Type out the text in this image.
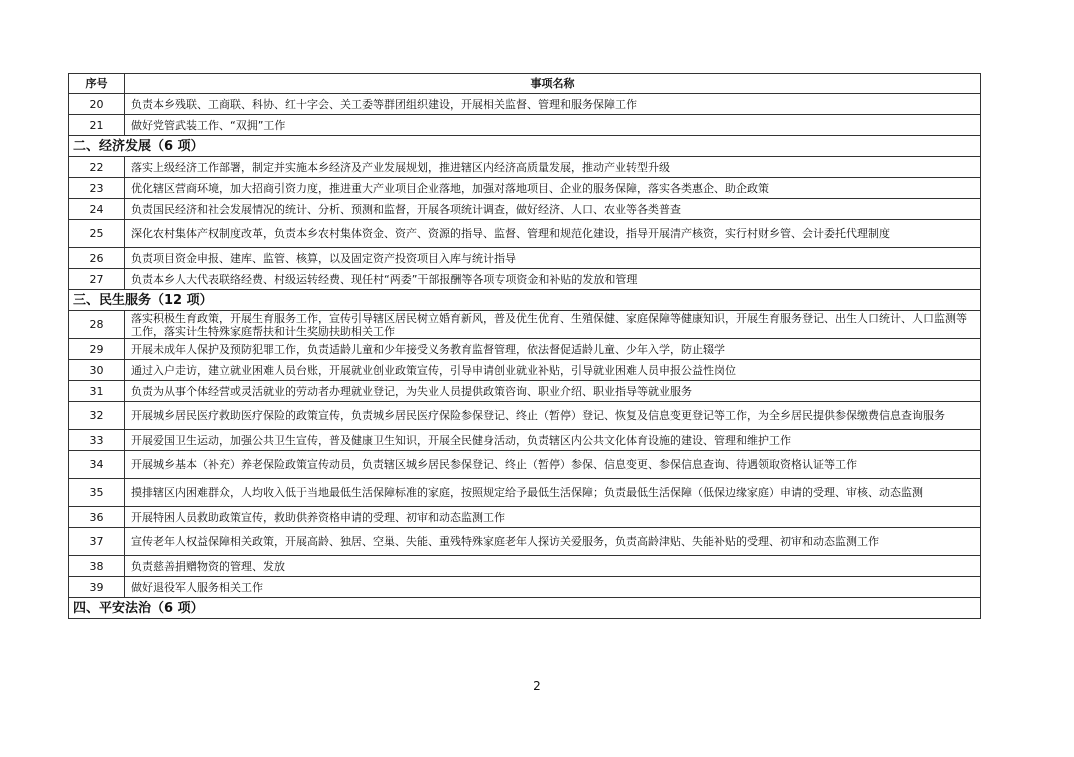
序号	事项名称
20	负责本乡残联、工商联、科协、红十字会、关工委等群团组织建设，开展相关监督、管理和服务保障工作
21	做好党管武装工作、“双拥”工作
二、经济发展（6 项）	
22	落实上级经济工作部署，制定并实施本乡经济及产业发展规划，推进辖区内经济高质量发展，推动产业转型升级
23	优化辖区营商环境，加大招商引资力度，推进重大产业项目企业落地，加强对落地项目、企业的服务保障，落实各类惠企、助企政策
24	负责国民经济和社会发展情况的统计、分析、预测和监督，开展各项统计调查，做好经济、人口、农业等各类普查
25	深化农村集体产权制度改革，负责本乡农村集体资金、资产、资源的指导、监督、管理和规范化建设，指导开展清产核资，实行村财乡管、会计委托代理制度
26	负责项目资金申报、建库、监管、核算，以及固定资产投资项目入库与统计指导
27	负责本乡人大代表联络经费、村级运转经费、现任村“两委”干部报酬等各项专项资金和补贴的发放和管理
三、民生服务（12 项）	
28	落实积极生育政策，开展生育服务工作，宣传引导辖区居民树立婚育新风，普及优生优育、生殖保健、家庭保障等健康知识，开展生育服务登记、出生人口统计、人口监测等工作，落实计生特殊家庭帮扶和计生奖励扶助相关工作
29	开展未成年人保护及预防犯罪工作，负责适龄儿童和少年接受义务教育监督管理，依法督促适龄儿童、少年入学，防止辍学
30	通过入户走访，建立就业困难人员台账，开展就业创业政策宣传，引导申请创业就业补贴，引导就业困难人员申报公益性岗位
31	负责为从事个体经营或灵活就业的劳动者办理就业登记，为失业人员提供政策咨询、职业介绍、职业指导等就业服务
32	开展城乡居民医疗救助医疗保险的政策宣传，负责城乡居民医疗保险参保登记、终止（暂停）登记、恢复及信息变更登记等工作，为全乡居民提供参保缴费信息查询服务
33	开展爱国卫生运动，加强公共卫生宣传，普及健康卫生知识，开展全民健身活动，负责辖区内公共文化体育设施的建设、管理和维护工作
34	开展城乡基本（补充）养老保险政策宣传动员，负责辖区城乡居民参保登记、终止（暂停）参保、信息变更、参保信息查询、待遇领取资格认证等工作
35	摸排辖区内困难群众，人均收入低于当地最低生活保障标准的家庭，按照规定给予最低生活保障；负责最低生活保障（低保边缘家庭）申请的受理、审核、动态监测
36	开展特困人员救助政策宣传，救助供养资格申请的受理、初审和动态监测工作
37	宣传老年人权益保障相关政策，开展高龄、独居、空巢、失能、重残特殊家庭老年人探访关爱服务，负责高龄津贴、失能补贴的受理、初审和动态监测工作
38	负责慈善捐赠物资的管理、发放
39	做好退役军人服务相关工作
四、平安法治（6 项）	
2
